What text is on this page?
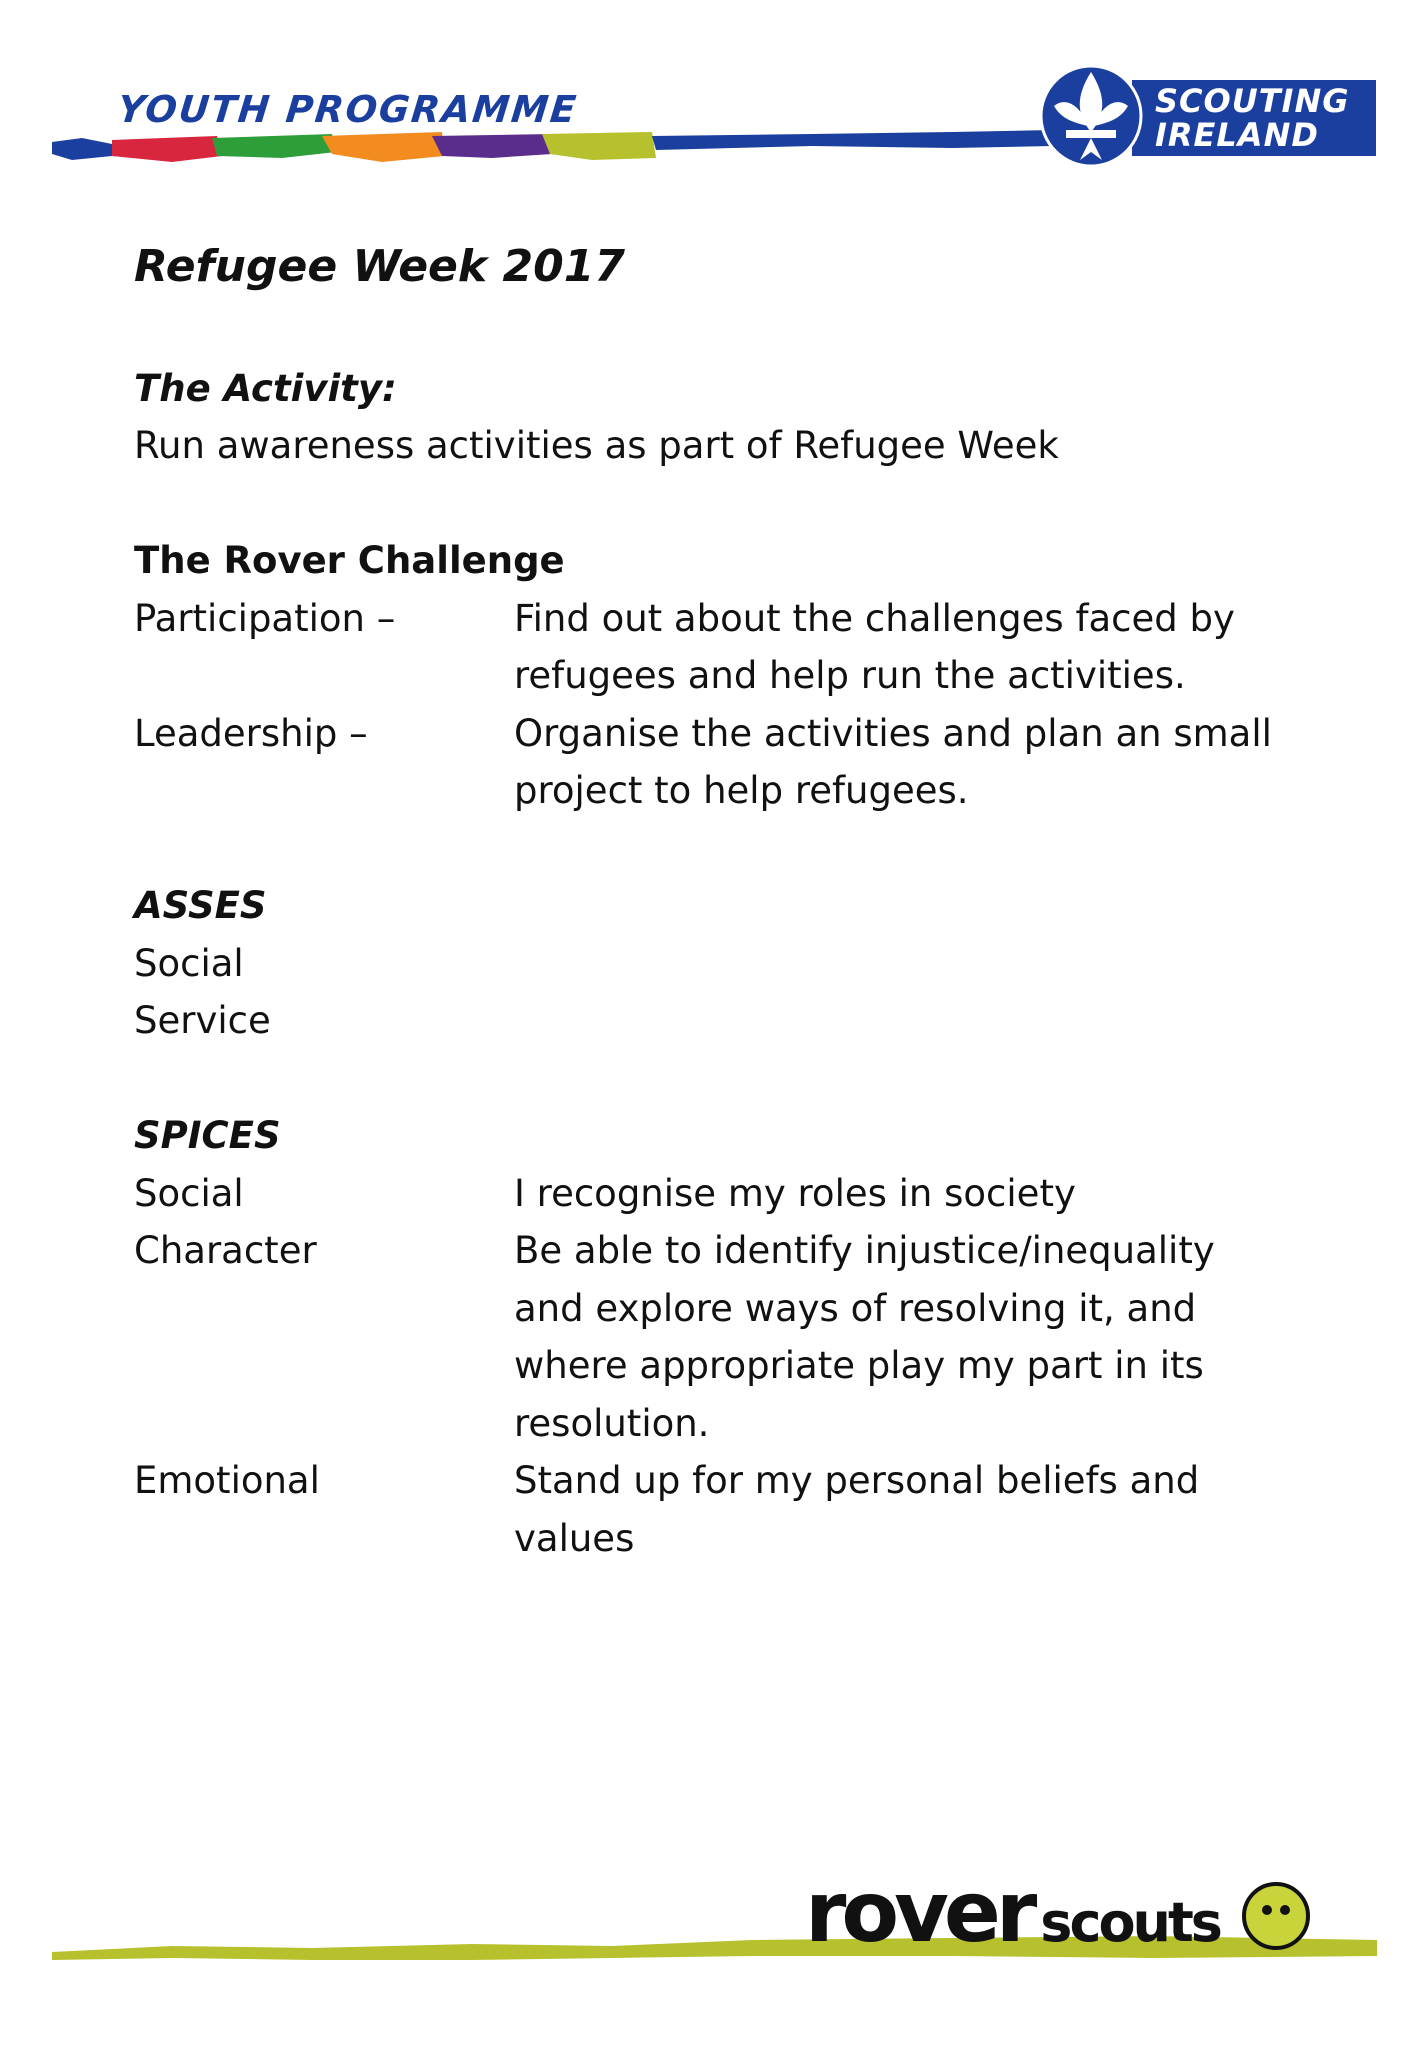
YOUTH PROGRAMME	SCOUTING
IRELAND
Refugee Week 2017
The Activity:
Run awareness activities as part of Refugee Week
The Rover Challenge
Participation –	Find out about the challenges faced by
refugees and help run the activities.
Leadership –	Organise the activities and plan an small
project to help refugees.
ASSES
Social
Service
SPICES
Social	I recognise my roles in society
Character	Be able to identify injustice/inequality
and explore ways of resolving it, and
where appropriate play my part in its
resolution.
Emotional	Stand up for my personal beliefs and
values
rover scouts
